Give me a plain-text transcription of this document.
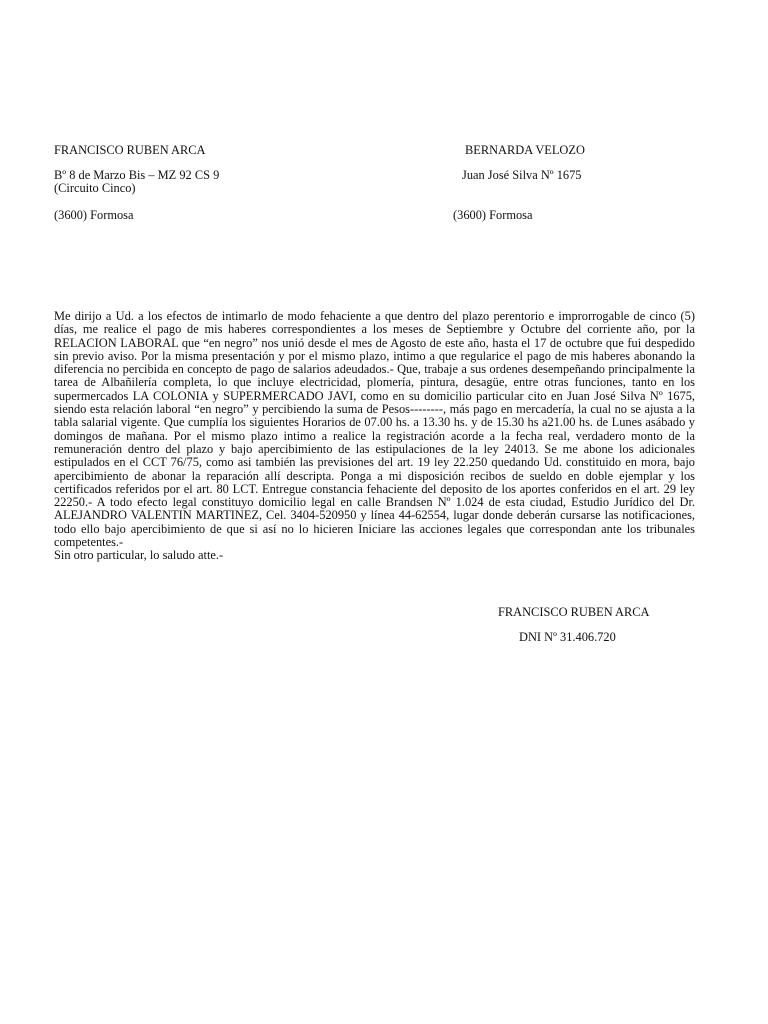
FRANCISCO RUBEN ARCA
Bº 8 de Marzo Bis – MZ 92 CS 9
(Circuito Cinco)
(3600) Formosa
BERNARDA VELOZO
Juan José Silva Nº 1675
(3600) Formosa

Me dirijo a Ud. a los efectos de intimarlo de modo fehaciente a que dentro del plazo perentorio e improrrogable de cinco (5) días, me realice el pago de mis haberes correspondientes a los meses de Septiembre y Octubre del corriente año, por la RELACION LABORAL que “en negro” nos unió desde el mes de Agosto de este año, hasta el 17 de octubre que fui despedido sin previo aviso. Por la misma presentación y por el mismo plazo, intimo a que regularice el pago de mis haberes abonando la diferencia no percibida en concepto de pago de salarios adeudados.- Que, trabaje a sus ordenes desempeñando principalmente la tarea de Albañilería completa, lo que incluye electricidad, plomería, pintura, desagüe, entre otras funciones, tanto en los supermercados LA COLONIA y SUPERMERCADO JAVI, como en su domicilio particular cito en Juan José Silva Nº 1675, siendo esta relación laboral “en negro” y percibiendo la suma de Pesos--------, más pago en mercadería, la cual no se ajusta a la tabla salarial vigente. Que cumplía los siguientes Horarios de 07.00 hs. a 13.30 hs. y de 15.30 hs a21.00 hs. de Lunes asábado y domingos de mañana. Por el mismo plazo intimo a realice la registración acorde a la fecha real, verdadero monto de la remuneración dentro del plazo y bajo apercibimiento de las estipulaciones de la ley 24013. Se me abone los adicionales estipulados en el CCT 76/75, como asi también las previsiones del art. 19 ley 22.250 quedando Ud. constituido en mora, bajo apercibimiento de abonar la reparación allí descripta. Ponga a mi disposición recibos de sueldo en doble ejemplar y los certificados referidos por el art. 80 LCT. Entregue constancia fehaciente del deposito de los aportes conferidos en el art. 29 ley 22250.- A todo efecto legal constituyo domicilio legal en calle Brandsen Nº 1.024 de esta ciudad, Estudio Jurídico del Dr. ALEJANDRO VALENTIN MARTINEZ, Cel. 3404-520950 y línea 44-62554, lugar donde deberán cursarse las notificaciones, todo ello bajo apercibimiento de que si así no lo hicieren Iniciare las acciones legales que correspondan ante los tribunales competentes.-

Sin otro particular, lo saludo atte.-

FRANCISCO RUBEN ARCA
DNI Nº 31.406.720
